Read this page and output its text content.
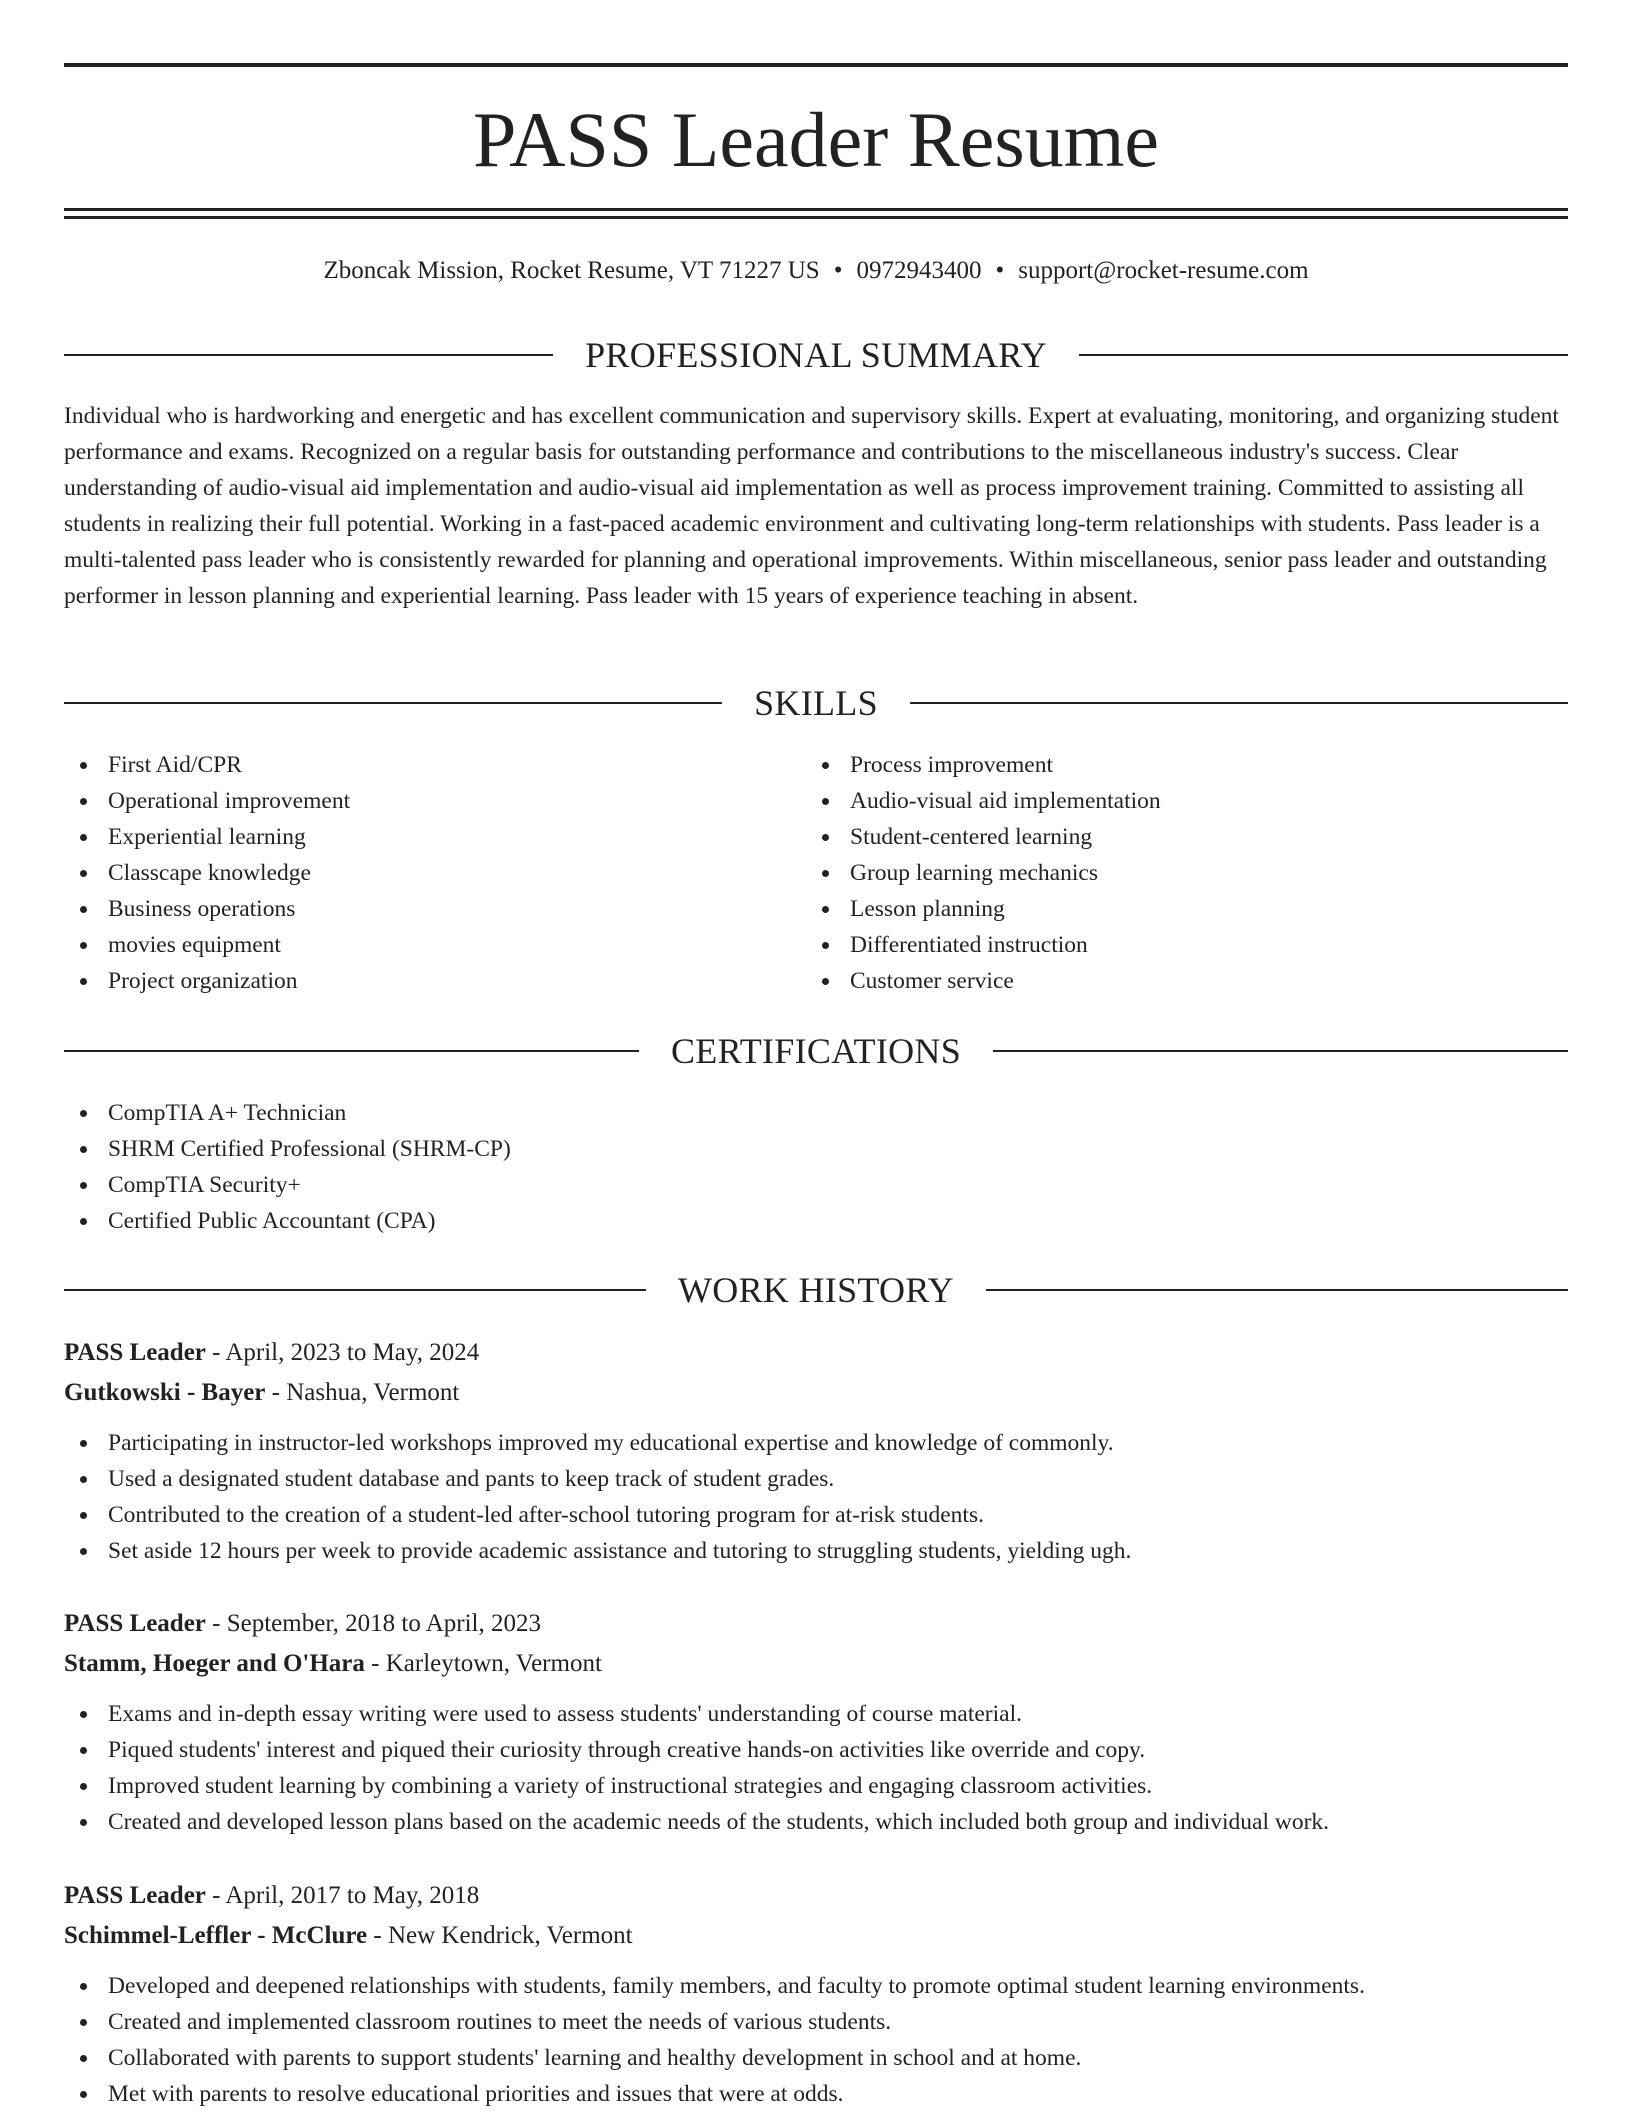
PASS Leader Resume
Zboncak Mission, Rocket Resume, VT 71227 US • 0972943400 • support@rocket-resume.com
PROFESSIONAL SUMMARY

Individual who is hardworking and energetic and has excellent communication and supervisory skills. Expert at evaluating, monitoring, and organizing student performance and exams. Recognized on a regular basis for outstanding performance and contributions to the miscellaneous industry's success. Clear understanding of audio-visual aid implementation and audio-visual aid implementation as well as process improvement training. Committed to assisting all students in realizing their full potential. Working in a fast-paced academic environment and cultivating long-term relationships with students. Pass leader is a multi-talented pass leader who is consistently rewarded for planning and operational improvements. Within miscellaneous, senior pass leader and outstanding performer in lesson planning and experiential learning. Pass leader with 15 years of experience teaching in absent.

SKILLS
First Aid/CPR
Operational improvement
Experiential learning
Classcape knowledge
Business operations
movies equipment
Project organization
Process improvement
Audio-visual aid implementation
Student-centered learning
Group learning mechanics
Lesson planning
Differentiated instruction
Customer service
CERTIFICATIONS
CompTIA A+ Technician
SHRM Certified Professional (SHRM-CP)
CompTIA Security+
Certified Public Accountant (CPA)
WORK HISTORY
PASS Leader - April, 2023 to May, 2024
Gutkowski - Bayer - Nashua, Vermont
Participating in instructor-led workshops improved my educational expertise and knowledge of commonly.
Used a designated student database and pants to keep track of student grades.
Contributed to the creation of a student-led after-school tutoring program for at-risk students.
Set aside 12 hours per week to provide academic assistance and tutoring to struggling students, yielding ugh.
PASS Leader - September, 2018 to April, 2023
Stamm, Hoeger and O'Hara - Karleytown, Vermont
Exams and in-depth essay writing were used to assess students' understanding of course material.
Piqued students' interest and piqued their curiosity through creative hands-on activities like override and copy.
Improved student learning by combining a variety of instructional strategies and engaging classroom activities.
Created and developed lesson plans based on the academic needs of the students, which included both group and individual work.
PASS Leader - April, 2017 to May, 2018
Schimmel-Leffler - McClure - New Kendrick, Vermont
Developed and deepened relationships with students, family members, and faculty to promote optimal student learning environments.
Created and implemented classroom routines to meet the needs of various students.
Collaborated with parents to support students' learning and healthy development in school and at home.
Met with parents to resolve educational priorities and issues that were at odds.
